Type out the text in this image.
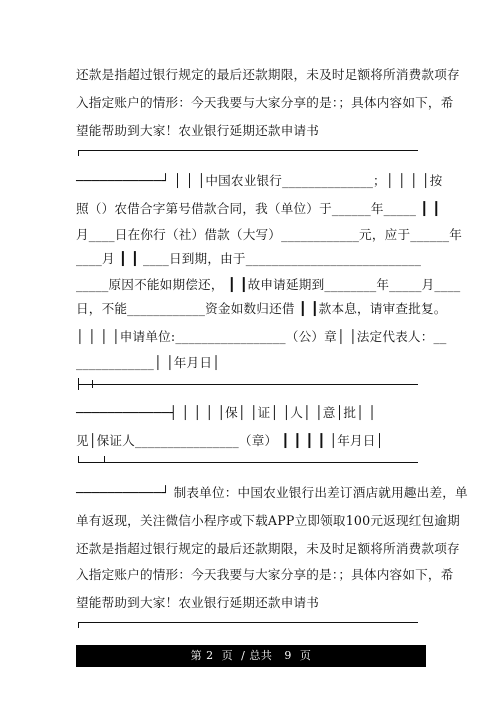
还款是指超过银行规定的最后还款期限，未及时足额将所消费款项存
入指定账户的情形：今天我要与大家分享的是：；具体内容如下，希
望能帮助到大家！农业银行延期还款申请书
───────────┘ │ │ │中国农业银行______________；│ │ │ │按
照（）农借合字第号借款合同，我（单位）于______年_____ ┃ ┃
月____日在你行（社）借款（大写）____________元，应于______年
____月 ┃ ┃ ____日到期，由于___________________________
_____原因不能如期偿还， ┃ ┃故申请延期到________年_____月____
日，不能____________资金如数归还借 ┃ ┃款本息，请审查批复。
│ │ │ │申请单位:_________________（公）章│ │法定代表人：__
____________│ │年月日│
────────────┤ │ │ │ │保│ │证│ │人│ │意│批│ │
见│保证人________________（章） ┃ ┃ ┃ ┃ │年月日│
───────────┘ 制表单位：中国农业银行出差订酒店就用趣出差，单
单有返现，关注微信小程序或下载APP立即领取100元返现红包逾期
还款是指超过银行规定的最后还款期限，未及时足额将所消费款项存
入指定账户的情形：今天我要与大家分享的是：；具体内容如下，希
望能帮助到大家！农业银行延期还款申请书
第 2  页  / 总共   9  页
